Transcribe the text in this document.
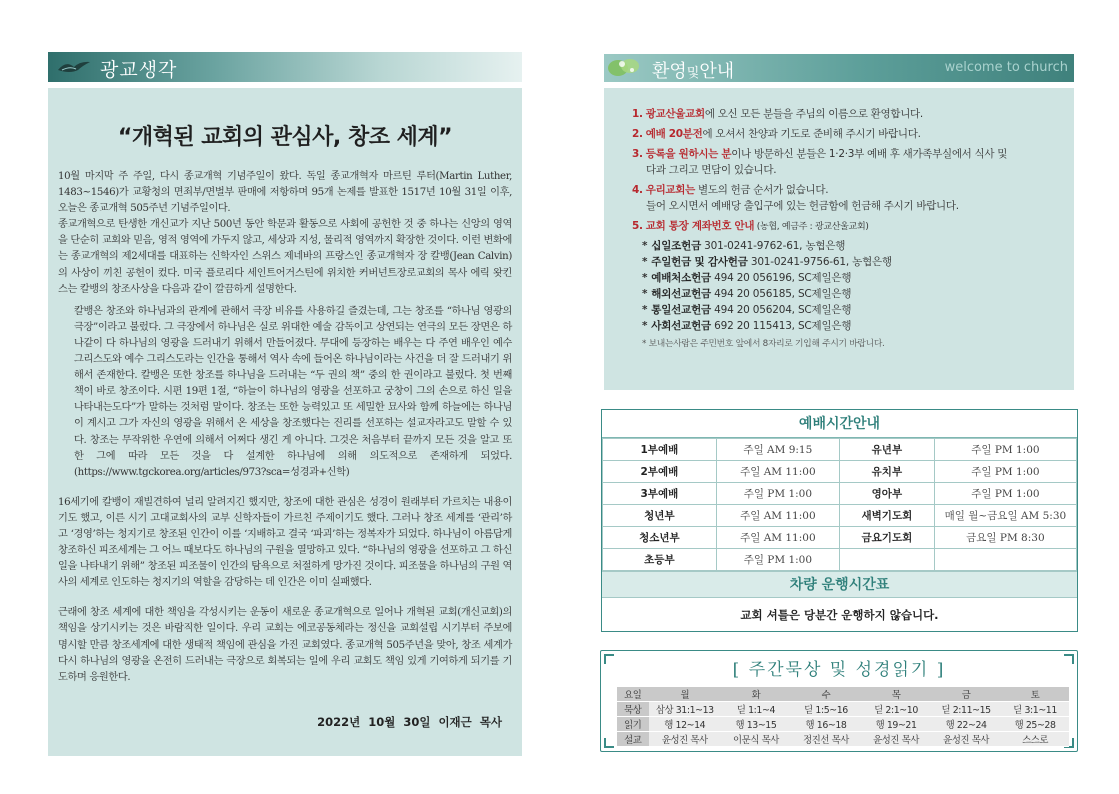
광교생각
“개혁된 교회의 관심사, 창조 세계”

10월 마지막 주 주일, 다시 종교개혁 기념주일이 왔다. 독일 종교개혁자 마르틴 루터(Martin Luther, 1483~1546)가 교황청의 면죄부/면벌부 판매에 저항하며 95개 논제를 발표한 1517년 10월 31일 이후, 오늘은 종교개혁 505주년 기념주일이다.

종교개혁으로 탄생한 개신교가 지난 500년 동안 학문과 활동으로 사회에 공헌한 것 중 하나는 신앙의 영역을 단순히 교회와 믿음, 영적 영역에 가두지 않고, 세상과 지성, 물리적 영역까지 확장한 것이다. 이런 변화에는 종교개혁의 제2세대를 대표하는 신학자인 스위스 제네바의 프랑스인 종교개혁자 장 칼뱅(Jean Calvin)의 사상이 끼친 공헌이 컸다. 미국 플로리다 세인트어거스틴에 위치한 커버넌트장로교회의 목사 에릭 왓킨스는 칼뱅의 창조사상을 다음과 같이 깔끔하게 설명한다.

칼뱅은 창조와 하나님과의 관계에 관해서 극장 비유를 사용하길 즐겼는데, 그는 창조를 “하나님 영광의 극장”이라고 불렀다. 그 극장에서 하나님은 실로 위대한 예술 감독이고 상연되는 연극의 모든 장면은 하나같이 다 하나님의 영광을 드러내기 위해서 만들어졌다. 무대에 등장하는 배우는 다 주연 배우인 예수 그리스도와 예수 그리스도라는 인간을 통해서 역사 속에 들어온 하나님이라는 사건을 더 잘 드러내기 위해서 존재한다. 칼뱅은 또한 창조를 하나님을 드러내는 “두 권의 책” 중의 한 권이라고 불렀다. 첫 번째 책이 바로 창조이다. 시편 19편 1절, “하늘이 하나님의 영광을 선포하고 궁창이 그의 손으로 하신 일을 나타내는도다”가 말하는 것처럼 말이다. 창조는 또한 능력있고 또 세밀한 묘사와 함께 하늘에는 하나님이 계시고 그가 자신의 영광을 위해서 온 세상을 창조했다는 진리를 선포하는 설교자라고도 말할 수 있다. 창조는 무작위한 우연에 의해서 어쩌다 생긴 게 아니다. 그것은 처음부터 끝까지 모든 것을 알고 또한 그에 따라 모든 것을 다 설계한 하나님에 의해 의도적으로 존재하게 되었다.(https://www.tgckorea.org/articles/973?sca=성경과+신학)

16세기에 칼뱅이 재빌견하여 널리 알려지긴 했지만, 창조에 대한 관심은 성경이 원래부터 가르치는 내용이기도 했고, 이른 시기 고대교회사의 교부 신학자들이 가르친 주제이기도 했다. 그러나 창조 세계를 ‘관리’하고 ‘경영’하는 청지기로 창조된 인간이 이를 ‘지배하고 결국 ‘파괴’하는 정복자가 되었다. 하나님이 아름답게 창조하신 피조세계는 그 어느 때보다도 하나님의 구원을 열망하고 있다. “하나님의 영광을 선포하고 그 하신 일을 나타내기 위해” 창조된 피조물이 인간의 탐욕으로 처절하게 망가진 것이다. 피조물을 하나님의 구원 역사의 세계로 인도하는 청지기의 역할을 감당하는 데 인간은 이미 실패했다.

근래에 창조 세계에 대한 책임을 각성시키는 운동이 새로운 종교개혁으로 일어나 개혁된 교회(개신교회)의 책임을 상기시키는 것은 바람직한 일이다. 우리 교회는 에코공동체라는 정신을 교회설립 시기부터 주보에 명시할 만큼 창조세계에 대한 생태적 책임에 관심을 가진 교회였다. 종교개혁 505주년을 맞아, 창조 세계가 다시 하나님의 영광을 온전히 드러내는 극장으로 회복되는 일에 우리 교회도 책임 있게 기여하게 되기를 기도하며 응원한다.

2022년 10월 30일 이재근 목사
환영및안내	welcome to church
1. 광교산울교회에 오신 모든 분들을 주님의 이름으로 환영합니다.
2. 예배 20분전에 오셔서 찬양과 기도로 준비해 주시기 바랍니다.
3. 등록을 원하시는 분이나 방문하신 분들은 1·2·3부 예배 후 새가족부실에서 식사 및
다과 그리고 면담이 있습니다.
4. 우리교회는 별도의 헌금 순서가 없습니다.
들어 오시면서 예배당 출입구에 있는 헌금함에 헌금해 주시기 바랍니다.
5. 교회 통장 계좌번호 안내 (농협, 예금주 : 광교산울교회)
* 십일조헌금 301-0241-9762-61, 농협은행
* 주일헌금 및 감사헌금 301-0241-9756-61, 농협은행
* 예배처소헌금 494 20 056196, SC제일은행
* 해외선교헌금 494 20 056185, SC제일은행
* 통일선교헌금 494 20 056204, SC제일은행
* 사회선교헌금 692 20 115413, SC제일은행
* 보내는사람은 주민번호 앞에서 8자리로 기입해 주시기 바랍니다.
예배시간안내
1부예배	주일 AM 9:15	유년부	주일 PM 1:00
2부예배	주일 AM 11:00	유치부	주일 PM 1:00
3부예배	주일 PM 1:00	영아부	주일 PM 1:00
청년부	주일 AM 11:00	새벽기도회	매일 월~금요일 AM 5:30
청소년부	주일 AM 11:00	금요기도회	금요일 PM 8:30
초등부	주일 PM 1:00		
차량 운행시간표
교회 셔틀은 당분간 운행하지 않습니다.
[ 주간묵상 및 성경읽기 ]
요일	월	화	수	목	금	토
묵상	삼상 31:1~13	딛 1:1~4	딛 1:5~16	딛 2:1~10	딛 2:11~15	딛 3:1~11
읽기	행 12~14	행 13~15	행 16~18	행 19~21	행 22~24	행 25~28
설교	윤성진 목사	이문식 목사	정진선 목사	윤성진 목사	윤성진 목사	스스로
